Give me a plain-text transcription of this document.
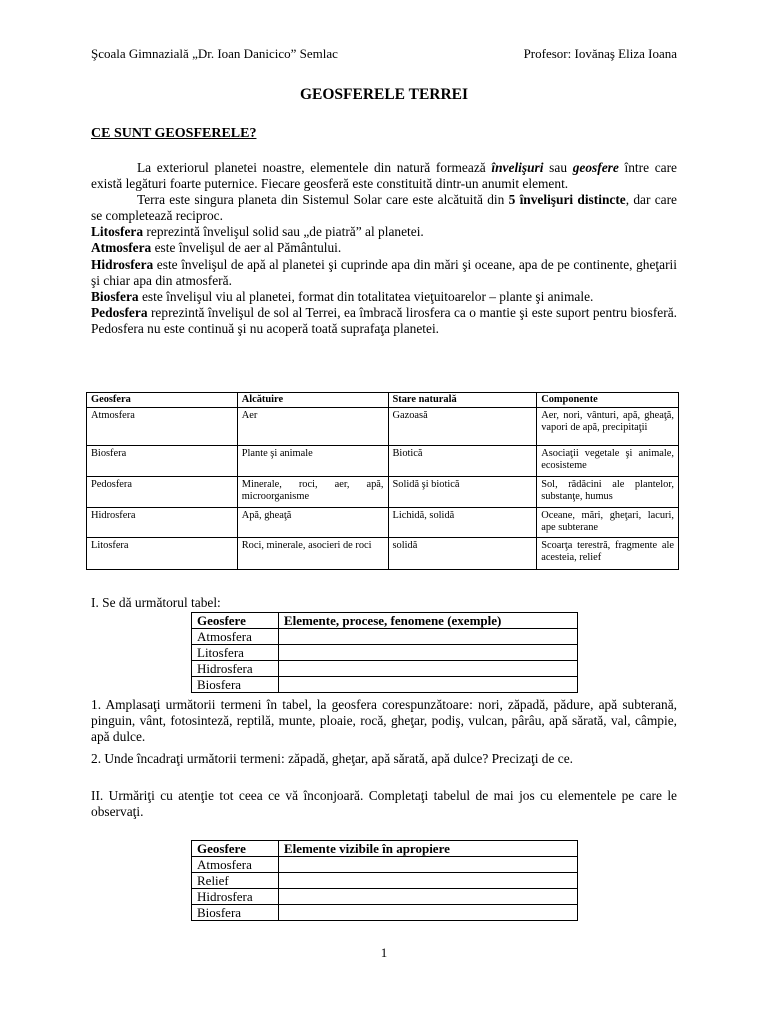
Şcoala Gimnazială „Dr. Ioan Danicico” Semlac	Profesor: Iovănaş Eliza Ioana
GEOSFERELE TERREI
CE SUNT GEOSFERELE?

La exteriorul planetei noastre, elementele din natură formează învelişuri sau geosfere între care există legături foarte puternice. Fiecare geosferă este constituită dintr-un anumit element.

Terra este singura planeta din Sistemul Solar care este alcătuită din 5 învelişuri distincte, dar care se completează reciproc.

Litosfera reprezintă învelişul solid sau „de piatră” al planetei.

Atmosfera este învelişul de aer al Pământului.

Hidrosfera este învelişul de apă al planetei şi cuprinde apa din mări şi oceane, apa de pe continente, gheţarii şi chiar apa din atmosferă.

Biosfera este învelişul viu al planetei, format din totalitatea vieţuitoarelor – plante şi animale.

Pedosfera reprezintă învelişul de sol al Terrei, ea îmbracă lirosfera ca o mantie şi este suport pentru biosferă. Pedosfera nu este continuă şi nu acoperă toată suprafaţa planetei.

Geosfera	Alcătuire	Stare naturală	Componente
Atmosfera	Aer	Gazoasă	Aer, nori, vânturi, apă, gheaţă, vapori de apă, precipitaţii
Biosfera	Plante şi animale	Biotică	Asociaţii vegetale şi animale, ecosisteme
Pedosfera	Minerale, roci, aer, apă, microorganisme	Solidă şi biotică	Sol, rădăcini ale plantelor, substanţe, humus
Hidrosfera	Apă, gheaţă	Lichidă, solidă	Oceane, mări, gheţari, lacuri, ape subterane
Litosfera	Roci, minerale, asocieri de roci	solidă	Scoarţa terestră, fragmente ale acesteia, relief
I. Se dă următorul tabel:
Geosfere	Elemente, procese, fenomene (exemple)
Atmosfera	
Litosfera	
Hidrosfera	
Biosfera	
1. Amplasaţi următorii termeni în tabel, la geosfera corespunzătoare: nori, zăpadă, pădure, apă subterană, pinguin, vânt, fotosinteză, reptilă, munte, ploaie, rocă, gheţar, podiş, vulcan, pârâu, apă sărată, val, câmpie, apă dulce.
2. Unde încadraţi următorii termeni: zăpadă, gheţar, apă sărată, apă dulce? Precizaţi de ce.
II. Urmăriţi cu atenţie tot ceea ce vă înconjoară. Completaţi tabelul de mai jos cu elementele pe care le observaţi.
Geosfere	Elemente vizibile în apropiere
Atmosfera	
Relief	
Hidrosfera	
Biosfera	
1
